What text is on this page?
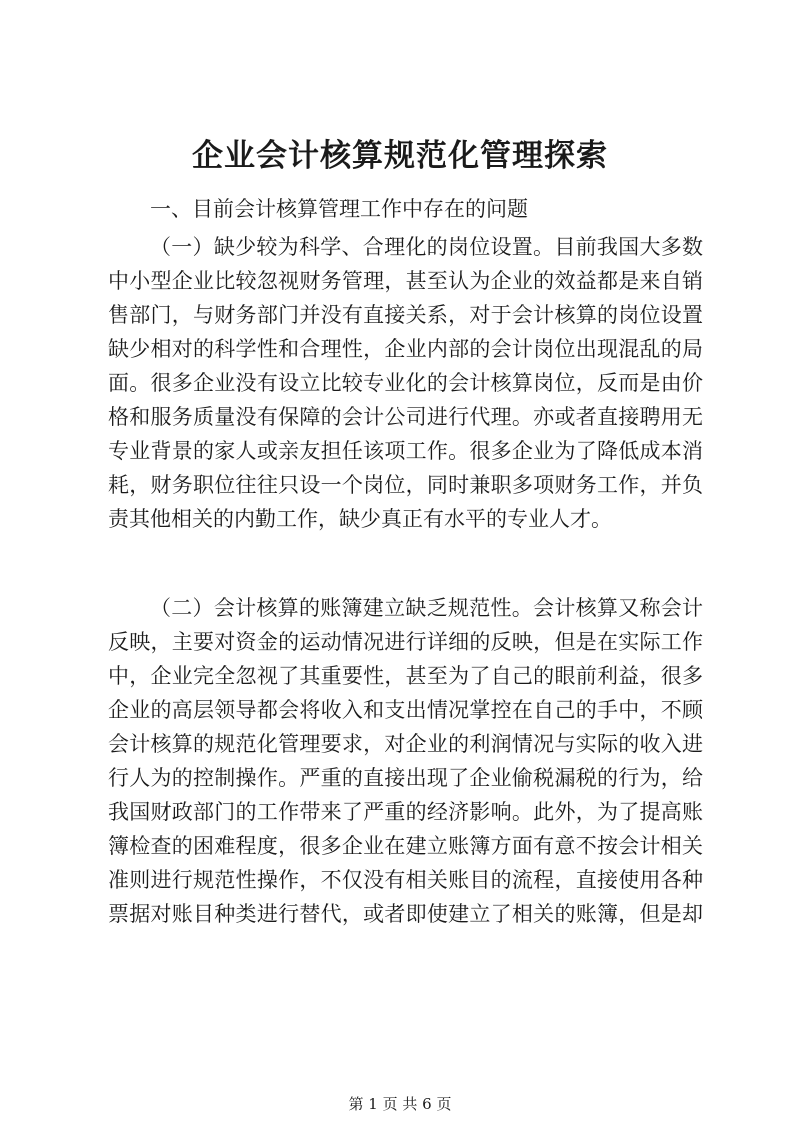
企业会计核算规范化管理探索
一、目前会计核算管理工作中存在的问题
（一）缺少较为科学、合理化的岗位设置。目前我国大多数
中小型企业比较忽视财务管理，甚至认为企业的效益都是来自销
售部门，与财务部门并没有直接关系，对于会计核算的岗位设置
缺少相对的科学性和合理性，企业内部的会计岗位出现混乱的局
面。很多企业没有设立比较专业化的会计核算岗位，反而是由价
格和服务质量没有保障的会计公司进行代理。亦或者直接聘用无
专业背景的家人或亲友担任该项工作。很多企业为了降低成本消
耗，财务职位往往只设一个岗位，同时兼职多项财务工作，并负
责其他相关的内勤工作，缺少真正有水平的专业人才。
（二）会计核算的账簿建立缺乏规范性。会计核算又称会计
反映，主要对资金的运动情况进行详细的反映，但是在实际工作
中，企业完全忽视了其重要性，甚至为了自己的眼前利益，很多
企业的高层领导都会将收入和支出情况掌控在自己的手中，不顾
会计核算的规范化管理要求，对企业的利润情况与实际的收入进
行人为的控制操作。严重的直接出现了企业偷税漏税的行为，给
我国财政部门的工作带来了严重的经济影响。此外，为了提高账
簿检查的困难程度，很多企业在建立账簿方面有意不按会计相关
准则进行规范性操作，不仅没有相关账目的流程，直接使用各种
票据对账目种类进行替代，或者即使建立了相关的账簿，但是却
第 1 页 共 6 页
